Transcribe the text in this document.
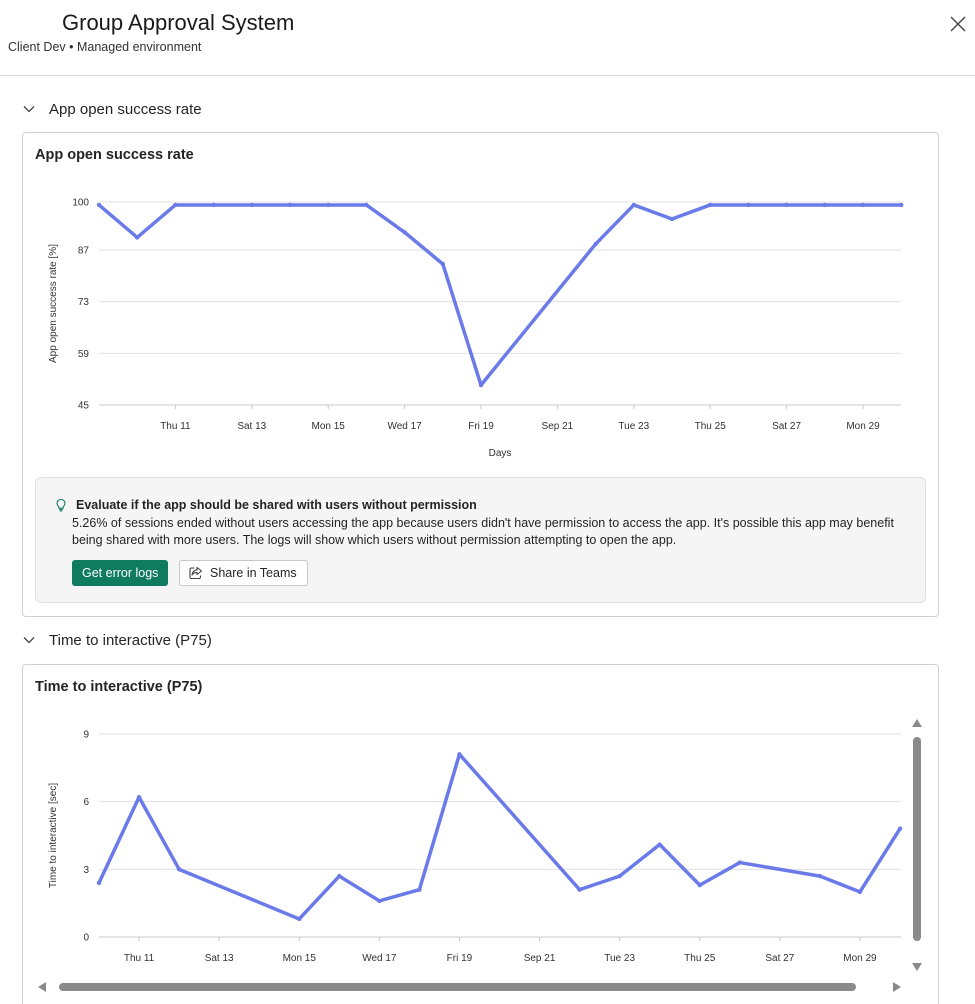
Group Approval System
Client Dev • Managed environment
App open success rate
App open success rate
100
87
73
59
45
Thu 11	Sat 13	Mon 15	Wed 17	Fri 19	Sep 21	Tue 23	Thu 25	Sat 27	Mon 29
App open success rate [%]
Days
Evaluate if the app should be shared with users without permission
5.26% of sessions ended without users accessing the app because users didn't have permission to access the app. It's possible this app may benefit being shared with more users. The logs will show which users without permission attempting to open the app.
Get error logs	Share in Teams
Time to interactive (P75)
Time to interactive (P75)
9
6
3
0
Thu 11	Sat 13	Mon 15	Wed 17	Fri 19	Sep 21	Tue 23	Thu 25	Sat 27	Mon 29
Time to interactive [sec]
